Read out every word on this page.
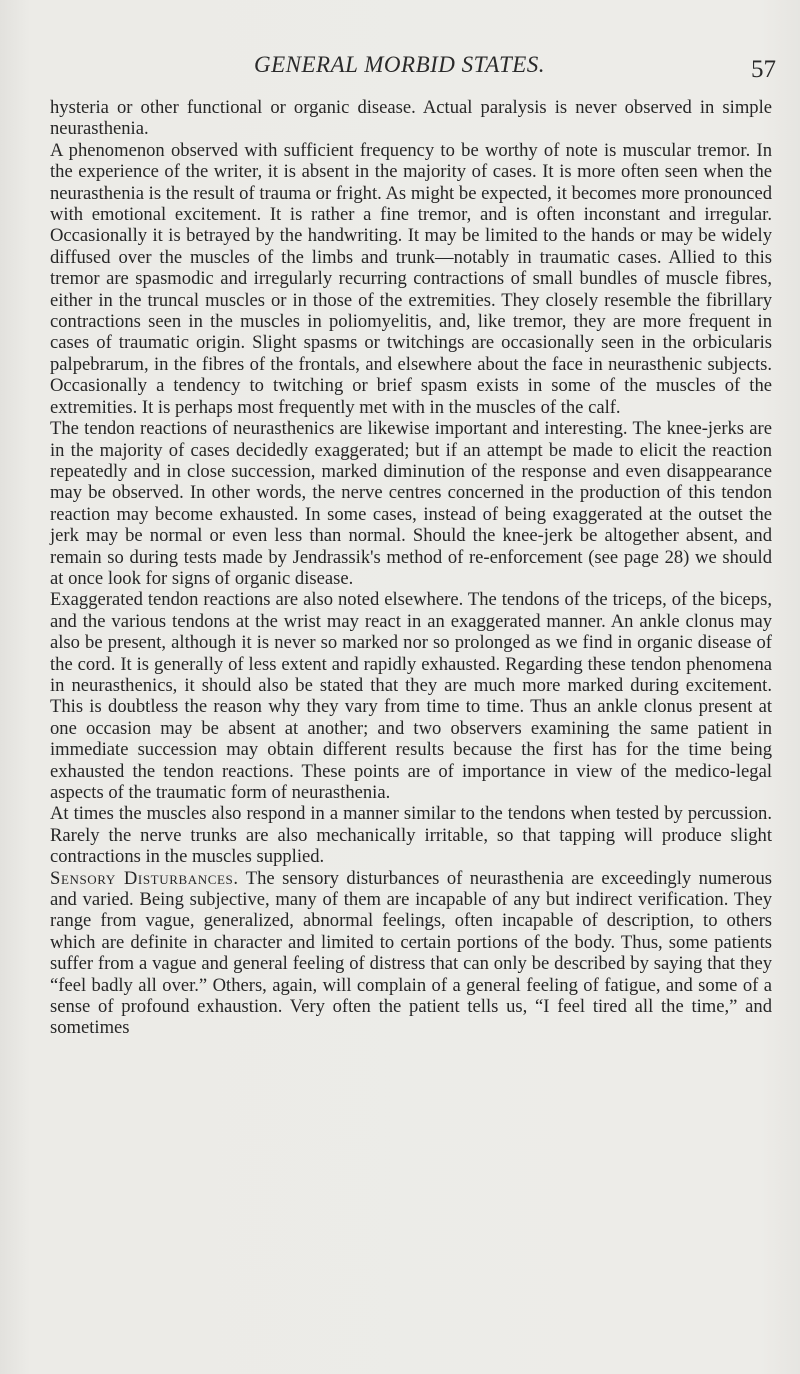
GENERAL MORBID STATES.	57

hysteria or other functional or organic disease. Actual paralysis is never observed in simple neurasthenia.

A phenomenon observed with sufficient frequency to be worthy of note is muscular tremor. In the experience of the writer, it is absent in the majority of cases. It is more often seen when the neurasthenia is the result of trauma or fright. As might be expected, it becomes more pronounced with emotional excitement. It is rather a fine tremor, and is often inconstant and irregular. Occasionally it is betrayed by the handwriting. It may be limited to the hands or may be widely diffused over the muscles of the limbs and trunk—notably in traumatic cases. Allied to this tremor are spasmodic and irregularly recurring contractions of small bundles of muscle fibres, either in the truncal muscles or in those of the extremities. They closely resemble the fibrillary contractions seen in the muscles in poliomyelitis, and, like tremor, they are more frequent in cases of traumatic origin. Slight spasms or twitchings are occasionally seen in the orbicularis palpebrarum, in the fibres of the frontals, and elsewhere about the face in neurasthenic subjects. Occasionally a tendency to twitching or brief spasm exists in some of the muscles of the extremities. It is perhaps most frequently met with in the muscles of the calf.

The tendon reactions of neurasthenics are likewise important and interesting. The knee-jerks are in the majority of cases decidedly exaggerated; but if an attempt be made to elicit the reaction repeatedly and in close succession, marked diminution of the response and even disappearance may be observed. In other words, the nerve centres concerned in the production of this tendon reaction may become exhausted. In some cases, instead of being exaggerated at the outset the jerk may be normal or even less than normal. Should the knee-jerk be altogether absent, and remain so during tests made by Jendrassik's method of re-enforcement (see page 28) we should at once look for signs of organic disease.

Exaggerated tendon reactions are also noted elsewhere. The tendons of the triceps, of the biceps, and the various tendons at the wrist may react in an exaggerated manner. An ankle clonus may also be present, although it is never so marked nor so prolonged as we find in organic disease of the cord. It is generally of less extent and rapidly exhausted. Regarding these tendon phenomena in neurasthenics, it should also be stated that they are much more marked during excitement. This is doubtless the reason why they vary from time to time. Thus an ankle clonus present at one occasion may be absent at another; and two observers examining the same patient in immediate succession may obtain different results because the first has for the time being exhausted the tendon reactions. These points are of importance in view of the medico-legal aspects of the traumatic form of neurasthenia.

At times the muscles also respond in a manner similar to the tendons when tested by percussion. Rarely the nerve trunks are also mechanically irritable, so that tapping will produce slight contractions in the muscles supplied.

Sensory Disturbances. The sensory disturbances of neurasthenia are exceedingly numerous and varied. Being subjective, many of them are incapable of any but indirect verification. They range from vague, generalized, abnormal feelings, often incapable of description, to others which are definite in character and limited to certain portions of the body. Thus, some patients suffer from a vague and general feeling of distress that can only be described by saying that they “feel badly all over.” Others, again, will complain of a general feeling of fatigue, and some of a sense of profound exhaustion. Very often the patient tells us, “I feel tired all the time,” and sometimes
